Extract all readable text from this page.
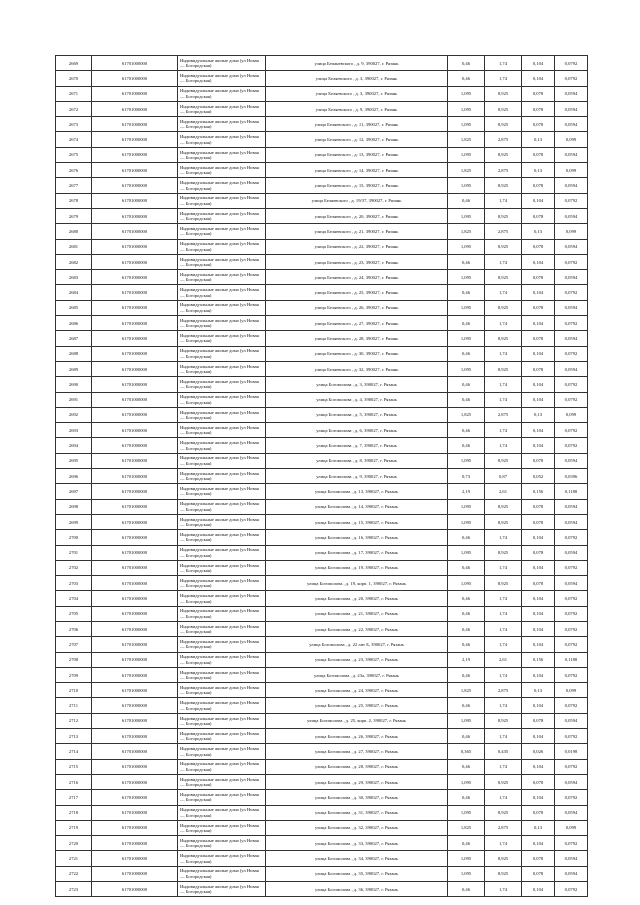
2669	61701000000	Индивидуальные жилые дома (ул Новая — Богородская)	улица Бепаневского , д. 9, 390027, г. Рязань	0,46	1,74	0,104	0,0792
2670	61701000000	Индивидуальные жилые дома (ул Новая — Богородская)	улица Беляевского , д. 3, 390027, г. Рязань	0,46	1,74	0,104	0,0792
2671	61701000000	Индивидуальные жилые дома (ул Новая — Богородская)	улица Беляевского , д. 3, 390027, г. Рязань	1,095	8,925	0,078	0,0594
2672	61701000000	Индивидуальные жилые дома (ул Новая — Богородская)	улица Беляевского , д. 9, 390027, г. Рязань	1,095	8,925	0,078	0,0594
2673	61701000000	Индивидуальные жилые дома (ул Новая — Богородская)	улица Беляевского , д. 11, 390027, г. Рязань	1,095	8,925	0,078	0,0594
2674	61701000000	Индивидуальные жилые дома (ул Новая — Богородская)	улица Беляевского , д. 12, 390027, г. Рязань	1,825	2,875	0,13	0,099
2675	61701000000	Индивидуальные жилые дома (ул Новая — Богородская)	улица Беляевского , д. 13, 390027, г. Рязань	1,095	8,925	0,078	0,0594
2676	61701000000	Индивидуальные жилые дома (ул Новая — Богородская)	улица Беляевского , д. 14, 390027, г. Рязань	1,825	2,875	0,13	0,099
2677	61701000000	Индивидуальные жилые дома (ул Новая — Богородская)	улица Беляевского , д. 15, 390027, г. Рязань	1,095	8,925	0,078	0,0594
2678	61701000000	Индивидуальные жилые дома (ул Новая — Богородская)	улица Беляевского , д. 19/37, 390027, г. Рязань	0,46	1,74	0,104	0,0792
2679	61701000000	Индивидуальные жилые дома (ул Новая — Богородская)	улица Беляевского , д. 20, 390027, г. Рязань	1,095	8,925	0,078	0,0594
2680	61701000000	Индивидуальные жилые дома (ул Новая — Богородская)	улица Беляевского , д. 21, 390027, г. Рязань	1,825	2,875	0,13	0,099
2681	61701000000	Индивидуальные жилые дома (ул Новая — Богородская)	улица Беляевского , д. 22, 390027, г. Рязань	1,095	8,925	0,078	0,0594
2682	61701000000	Индивидуальные жилые дома (ул Новая — Богородская)	улица Беляевского , д. 23, 390027, г. Рязань	0,46	1,74	0,104	0,0792
2683	61701000000	Индивидуальные жилые дома (ул Новая — Богородская)	улица Беляевского , д. 24, 390027, г. Рязань	1,095	8,925	0,078	0,0594
2684	61701000000	Индивидуальные жилые дома (ул Новая — Богородская)	улица Беляевского , д. 25, 390027, г. Рязань	0,46	1,74	0,104	0,0792
2685	61701000000	Индивидуальные жилые дома (ул Новая — Богородская)	улица Беляевского , д. 26, 390027, г. Рязань	1,095	8,925	0,078	0,0594
2686	61701000000	Индивидуальные жилые дома (ул Новая — Богородская)	улица Беляевского , д. 27, 390027, г. Рязань	0,46	1,74	0,104	0,0792
2687	61701000000	Индивидуальные жилые дома (ул Новая — Богородская)	улица Беляевского , д. 28, 390027, г. Рязань	1,095	8,925	0,078	0,0594
2688	61701000000	Индивидуальные жилые дома (ул Новая — Богородская)	улица Беляевского , д. 30, 390027, г. Рязань	0,46	1,74	0,104	0,0792
2689	61701000000	Индивидуальные жилые дома (ул Новая — Богородская)	улица Беляевского , д. 32, 390027, г. Рязань	1,095	8,925	0,078	0,0594
2690	61701000000	Индивидуальные жилые дома (ул Новая — Богородская)	улица Богомолова , д. 3, 390027, г. Рязань	0,46	1,74	0,104	0,0792
2691	61701000000	Индивидуальные жилые дома (ул Новая — Богородская)	улица Богомолова , д. 4, 390027, г. Рязань	0,46	1,74	0,104	0,0792
2692	61701000000	Индивидуальные жилые дома (ул Новая — Богородская)	улица Богомолова , д. 5, 390027, г. Рязань	1,825	2,875	0,13	0,099
2693	61701000000	Индивидуальные жилые дома (ул Новая — Богородская)	улица Богомолова , д. 6, 390027, г. Рязань	0,46	1,74	0,104	0,0792
2694	61701000000	Индивидуальные жилые дома (ул Новая — Богородская)	улица Богомолова , д. 7, 390027, г. Рязань	0,46	1,74	0,104	0,0792
2695	61701000000	Индивидуальные жилые дома (ул Новая — Богородская)	улица Богомолова , д. 8, 390027, г. Рязань	1,095	8,925	0,078	0,0594
2696	61701000000	Индивидуальные жилые дома (ул Новая — Богородская)	улица Богомолова , д. 9, 390027, г. Рязань	0,73	0,87	0,052	0,0396
2697	61701000000	Индивидуальные жилые дома (ул Новая — Богородская)	улица Богомолова , д. 13, 390027, г. Рязань	2,19	2,61	0,156	0,1188
2698	61701000000	Индивидуальные жилые дома (ул Новая — Богородская)	улица Богомолова , д. 14, 390027, г. Рязань	1,095	8,925	0,078	0,0594
2699	61701000000	Индивидуальные жилые дома (ул Новая — Богородская)	улица Богомолова , д. 15, 390027, г. Рязань	1,095	8,925	0,078	0,0594
2700	61701000000	Индивидуальные жилые дома (ул Новая — Богородская)	улица Богомолова , д. 16, 390027, г. Рязань	0,46	1,74	0,104	0,0792
2701	61701000000	Индивидуальные жилые дома (ул Новая — Богородская)	улица Богомолова , д. 17, 390027, г. Рязань	1,095	8,925	0,078	0,0594
2702	61701000000	Индивидуальные жилые дома (ул Новая — Богородская)	улица Богомолова , д. 19, 390027, г. Рязань	0,46	1,74	0,104	0,0792
2703	61701000000	Индивидуальные жилые дома (ул Новая — Богородская)	улица Богомолова , д. 19, корп. 1, 390027, г. Рязань	1,095	8,925	0,078	0,0594
2704	61701000000	Индивидуальные жилые дома (ул Новая — Богородская)	улица Богомолова , д. 20, 390027, г. Рязань	0,46	1,74	0,104	0,0792
2705	61701000000	Индивидуальные жилые дома (ул Новая — Богородская)	улица Богомолова , д. 21, 390027, г. Рязань	0,46	1,74	0,104	0,0792
2706	61701000000	Индивидуальные жилые дома (ул Новая — Богородская)	улица Богомолова , д. 22, 390027, г. Рязань	0,46	1,74	0,104	0,0792
2707	61701000000	Индивидуальные жилые дома (ул Новая — Богородская)	улица Богомолова , д. 22 лит Б, 390027, г. Рязань	0,46	1,74	0,104	0,0792
2708	61701000000	Индивидуальные жилые дома (ул Новая — Богородская)	улица Богомолова , д. 23, 390027, г. Рязань	2,19	2,61	0,156	0,1188
2709	61701000000	Индивидуальные жилые дома (ул Новая — Богородская)	улица Богомолова , д. 23а, 390027, г. Рязань	0,46	1,74	0,104	0,0792
2710	61701000000	Индивидуальные жилые дома (ул Новая — Богородская)	улица Богомолова , д. 24, 390027, г. Рязань	1,825	2,875	0,13	0,099
2711	61701000000	Индивидуальные жилые дома (ул Новая — Богородская)	улица Богомолова , д. 25, 390027, г. Рязань	0,46	1,74	0,104	0,0792
2712	61701000000	Индивидуальные жилые дома (ул Новая — Богородская)	улица Богомолова , д. 25, корп. 2, 390027, г. Рязань	1,095	8,925	0,078	0,0594
2713	61701000000	Индивидуальные жилые дома (ул Новая — Богородская)	улица Богомолова , д. 26, 390027, г. Рязань	0,46	1,74	0,104	0,0792
2714	61701000000	Индивидуальные жилые дома (ул Новая — Богородская)	улица Богомолова , д. 27, 390027, г. Рязань	0,365	0,435	0,026	0,0198
2715	61701000000	Индивидуальные жилые дома (ул Новая — Богородская)	улица Богомолова , д. 28, 390027, г. Рязань	0,46	1,74	0,104	0,0792
2716	61701000000	Индивидуальные жилые дома (ул Новая — Богородская)	улица Богомолова , д. 29, 390027, г. Рязань	1,095	8,925	0,078	0,0594
2717	61701000000	Индивидуальные жилые дома (ул Новая — Богородская)	улица Богомолова , д. 30, 390027, г. Рязань	0,46	1,74	0,104	0,0792
2718	61701000000	Индивидуальные жилые дома (ул Новая — Богородская)	улица Богомолова , д. 31, 390027, г. Рязань	1,095	8,925	0,078	0,0594
2719	61701000000	Индивидуальные жилые дома (ул Новая — Богородская)	улица Богомолова , д. 32, 390027, г. Рязань	1,825	2,875	0,13	0,099
2720	61701000000	Индивидуальные жилые дома (ул Новая — Богородская)	улица Богомолова , д. 33, 390027, г. Рязань	0,46	1,74	0,104	0,0792
2721	61701000000	Индивидуальные жилые дома (ул Новая — Богородская)	улица Богомолова , д. 34, 390027, г. Рязань	1,095	8,925	0,078	0,0594
2722	61701000000	Индивидуальные жилые дома (ул Новая — Богородская)	улица Богомолова , д. 35, 390027, г. Рязань	1,095	8,925	0,078	0,0594
2723	61701000000	Индивидуальные жилые дома (ул Новая — Богородская)	улица Богомолова , д. 36, 390027, г. Рязань	0,46	1,74	0,104	0,0792
